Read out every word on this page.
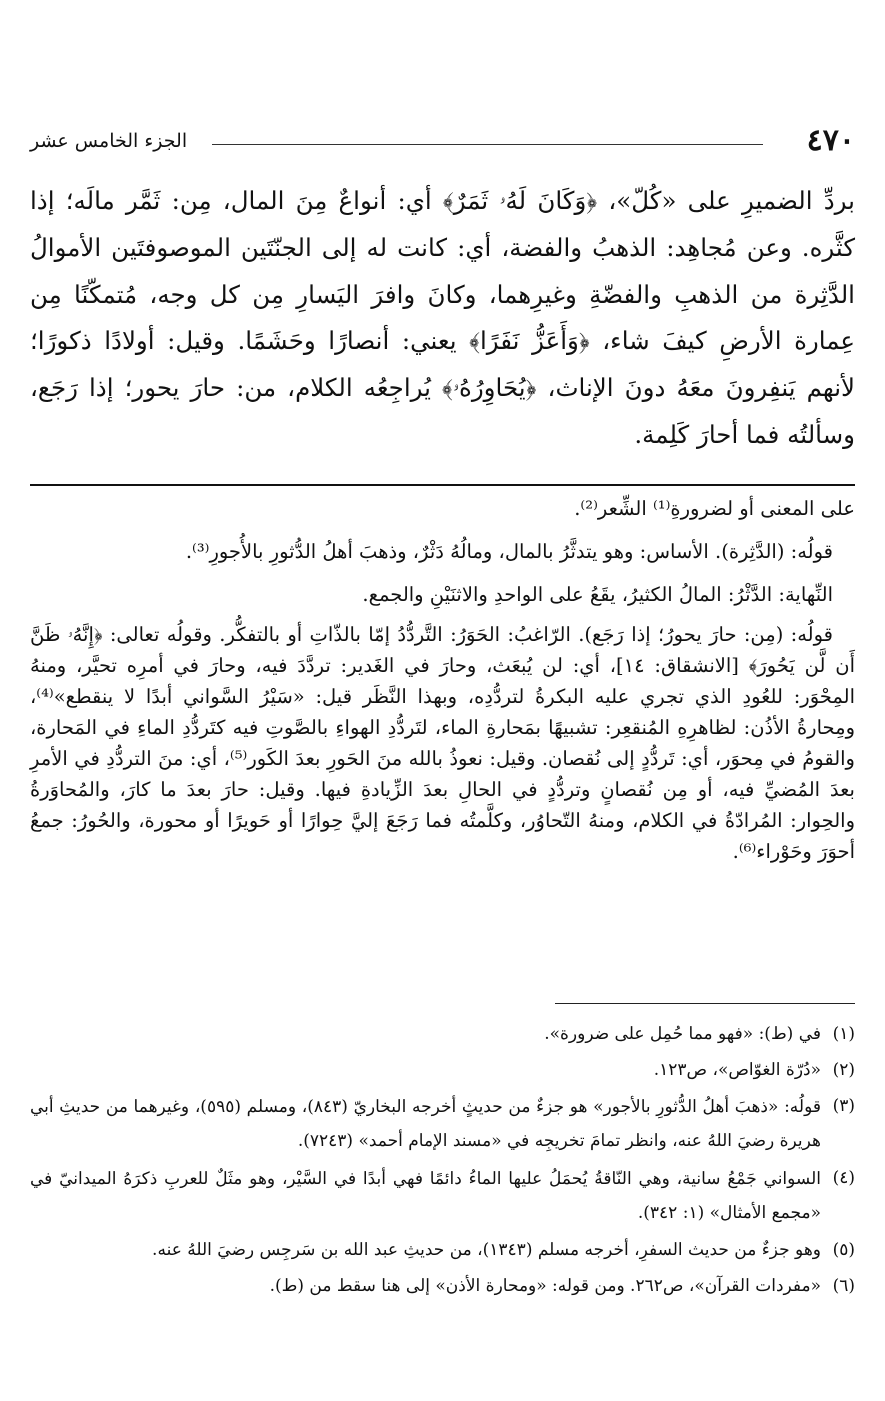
٤٧٠
الجزء الخامس عشر

بردِّ الضميرِ على «كُلّ»، ﴿وَكَانَ لَهُۥ ثَمَرٌ﴾ أي: أنواعٌ مِنَ المال، مِن: ثَمَّر مالَه؛ إذا كثَّره. وعن مُجاهِد: الذهبُ والفضة، أي: كانت له إلى الجنّتَين الموصوفتَين الأموالُ الدَّثِرة من الذهبِ والفضّةِ وغيرِهما، وكانَ وافرَ اليَسارِ مِن كل وجه، مُتمكّنًا مِن عِمارة الأرضِ كيفَ شاء، ﴿وَأَعَزُّ نَفَرًا﴾ يعني: أنصارًا وحَشَمًا. وقيل: أولادًا ذكورًا؛ لأنهم يَنفِرونَ معَهُ دونَ الإناث، ﴿يُحَاوِرُهُۥ﴾ يُراجِعُه الكلام، من: حارَ يحور؛ إذا رَجَع، وسألتُه فما أحارَ كَلِمة.

على المعنى أو لضرورةِ⁽¹⁾ الشِّعر⁽²⁾.

قولُه: (الدَّثِرة). الأساس: وهو يتدثَّرُ بالمال، ومالُهُ دَثْرٌ، وذهبَ أهلُ الدُّثورِ بالأُجورِ⁽³⁾.

النِّهاية: الدَّثْرُ: المالُ الكثيرُ، يقَعُ على الواحدِ والاثنَيْنِ والجمع.

قولُه: (مِن: حارَ يحورُ؛ إذا رَجَع). الرّاغبُ: الحَوَرُ: التَّردُّدُ إمّا بالذّاتِ أو بالتفكُّر. وقولُه تعالى: ﴿إِنَّهُۥ ظَنَّ أَن لَّن يَحُورَ﴾ [الانشقاق: ١٤]، أي: لن يُبعَث، وحارَ في الغَدير: تردَّدَ فيه، وحارَ في أمرِه تحيَّر، ومنهُ المِحْوَر: للعُودِ الذي تجري عليه البكرةُ لتردُّدِه، وبهذا النَّظَر قيل: «سَيْرُ السَّواني أبدًا لا ينقطع»⁽⁴⁾، ومِحارةُ الأذُن: لظاهرِهِ المُنقعِر: تشبيهًا بمَحارةِ الماء، لتَردُّدِ الهواءِ بالصَّوتِ فيه كتَردُّدِ الماءِ في المَحارة، والقومُ في مِحوَر، أي: تَردُّدٍ إلى نُقصان. وقيل: نعوذُ بالله منَ الحَورِ بعدَ الكَور⁽⁵⁾، أي: منَ التردُّدِ في الأمرِ بعدَ المُضيِّ فيه، أو مِن نُقصانٍ وتردُّدٍ في الحالِ بعدَ الزِّيادةِ فيها. وقيل: حارَ بعدَ ما كارَ، والمُحاوَرةُ والحِوار: المُرادّةُ في الكلام، ومنهُ التّحاوُر، وكلَّمتُه فما رَجَعَ إليَّ حِوارًا أو حَويرًا أو محورة، والحُورُ: جمعُ أحوَرَ وحَوْراء⁽⁶⁾.

(١)
في (ط): «فهو مما حُمِل على ضرورة».
(٢)
«دُرّة الغوّاص»، ص١٢٣.
(٣)
قولُه: «ذهبَ أهلُ الدُّثورِ بالأجور» هو جزءٌ من حديثٍ أخرجه البخاريّ (٨٤٣)، ومسلم (٥٩٥)، وغيرهما من حديثِ أبي هريرة رضيَ اللهُ عنه، وانظر تمامَ تخريجِه في «مسند الإمام أحمد» (٧٢٤٣).
(٤)
السواني جَمْعُ سانية، وهي النّاقةُ يُحمَلُ عليها الماءُ دائمًا فهي أبدًا في السَّيْر، وهو مثَلٌ للعربِ ذكرَهُ الميدانيّ في «مجمع الأمثال» (١: ٣٤٢).
(٥)
وهو جزءٌ من حديث السفرِ، أخرجه مسلم (١٣٤٣)، من حديثِ عبد الله بن سَرجِس رضيَ اللهُ عنه.
(٦)
«مفردات القرآن»، ص٢٦٢. ومن قوله: «ومحارة الأذن» إلى هنا سقط من (ط).
